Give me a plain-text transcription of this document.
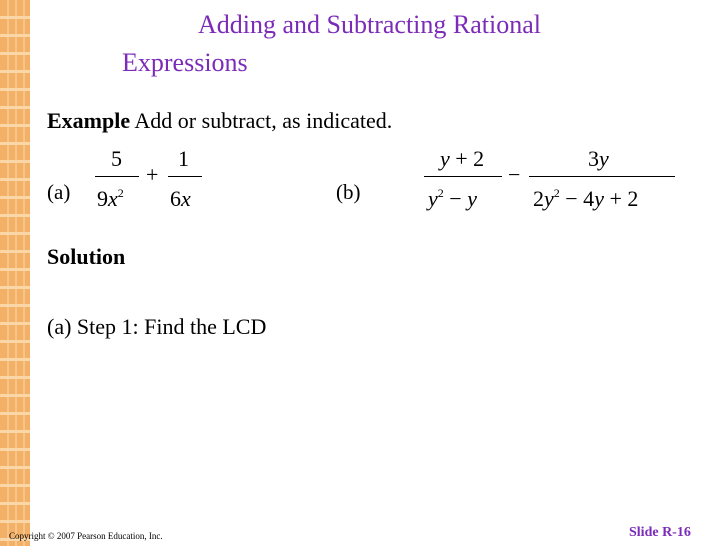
Adding and Subtracting Rational
Expressions
Example Add or subtract, as indicated.
(a)
5
$9x^2$
+
1
6x	(b)
y + 2
$y^2 - y$
−
3y
$2y^2 - 4y + 2$
Solution
(a) Step 1: Find the LCD
Copyright © 2007 Pearson Education, Inc.	Slide R-16
